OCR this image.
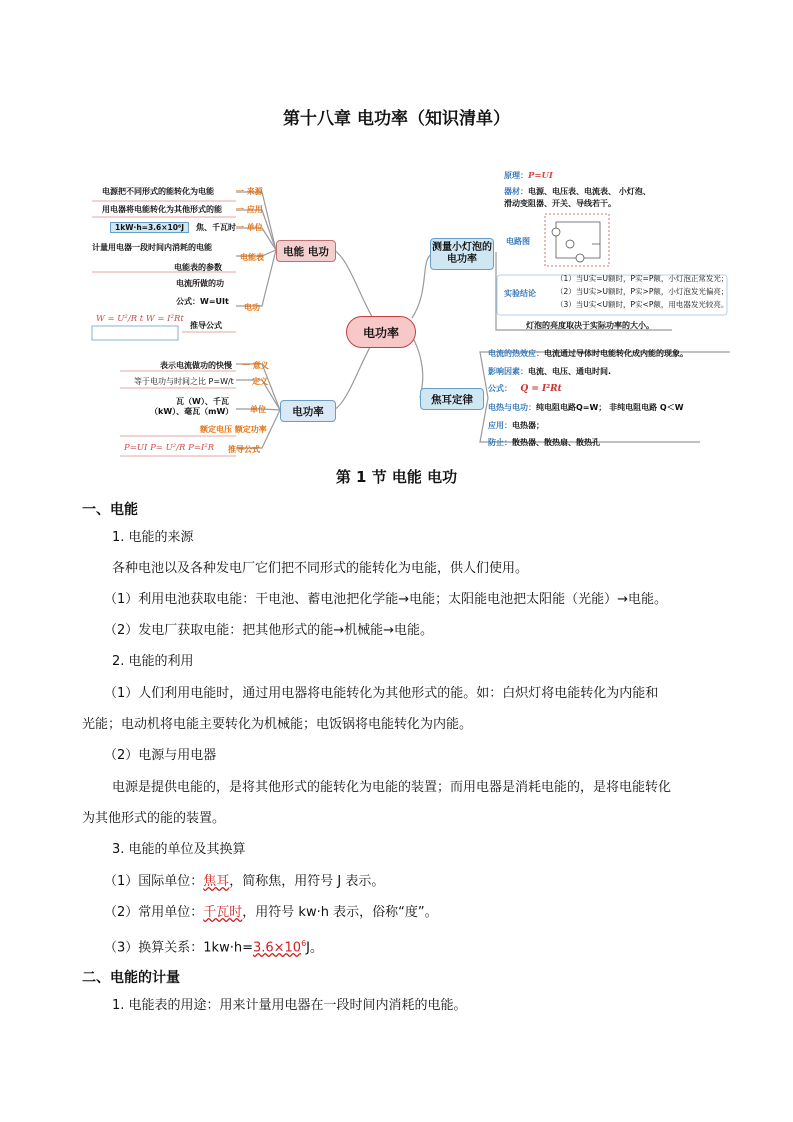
第十八章 电功率（知识清单）
电功率
电能 电功
电功率
测量小灯泡的电功率
焦耳定律
电源把不同形式的能转化为电能	一 来源
用电器将电能转化为其他形式的能 一 应用
1kW·h=3.6×10⁶J	焦、千瓦时 一 单位
计量用电器一段时间内消耗的电能
电能表的参数
电能表
电流所做的功
公式：W=UIt
推导公式
W = U²/R t W = I²Rt
电功
表示电流做功的快慢 一 意义
等于电功与时间之比 P=W/t 定义
瓦（W）、千瓦
（kW）、毫瓦（mW） 单位
额定电压 额定功率
P=UI P= U²/R P=I²R 推导公式
原理：P=UI
器材：电源、电压表、电流表、 小灯泡、
滑动变阻器、开关、导线若干。
电路图
实验结论
（1）当U实=U额时，P实=P额，小灯泡正常发光；
（2）当U实>U额时，P实>P额，小灯泡发光偏亮；
（3）当U实<U额时，P实<P额，用电器发光较亮。
灯泡的亮度取决于实际功率的大小。
电流的热效应：电流通过导体时电能转化成内能的现象。
影响因素：电流、电压、通电时间.
公式： Q = I²Rt
电热与电功：纯电阻电路Q=W； 非纯电阻电路 Q＜W
应用：电热器；
防止：散热器、散热扇、散热孔
第 1 节 电能 电功
一、电能
1. 电能的来源
各种电池以及各种发电厂它们把不同形式的能转化为电能，供人们使用。
（1）利用电池获取电能：干电池、蓄电池把化学能→电能；太阳能电池把太阳能（光能）→电能。
（2）发电厂获取电能：把其他形式的能→机械能→电能。
2. 电能的利用
（1）人们利用电能时，通过用电器将电能转化为其他形式的能。如：白炽灯将电能转化为内能和
光能；电动机将电能主要转化为机械能；电饭锅将电能转化为内能。
（2）电源与用电器
电源是提供电能的，是将其他形式的能转化为电能的装置；而用电器是消耗电能的，是将电能转化
为其他形式的能的装置。
3. 电能的单位及其换算
（1）国际单位：焦耳，简称焦，用符号 J 表示。
（2）常用单位：千瓦时，用符号 kw·h 表示，俗称“度”。
（3）换算关系：$1kw\cdot h=3.6\times 10^6J$。
二、电能的计量
1. 电能表的用途：用来计量用电器在一段时间内消耗的电能。
